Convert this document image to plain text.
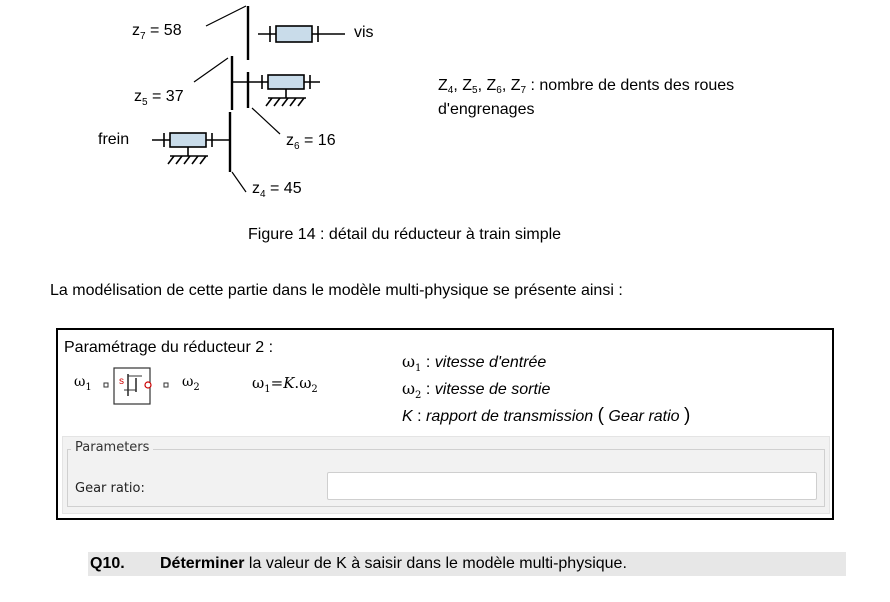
$z_7 = 58$	vis
$z_5 = 37$
frein	$z_6 = 16$
$z_4 = 45$
Z4, Z5, Z6, Z7 : nombre de dents des roues
d'engrenages
Figure 14 : détail du réducteur à train simple
La modélisation de cette partie dans le modèle multi-physique se présente ainsi :
Paramétrage du réducteur 2 :
$\omega_1$
s	$\omega_2$	$\omega_1=K.\omega_2$
$\omega_1$ : vitesse d'entrée
$\omega_2$ : vitesse de sortie
K : rapport de transmission ( Gear ratio )
Parameters
Gear ratio:
Q10. Déterminer la valeur de K à saisir dans le modèle multi-physique.
